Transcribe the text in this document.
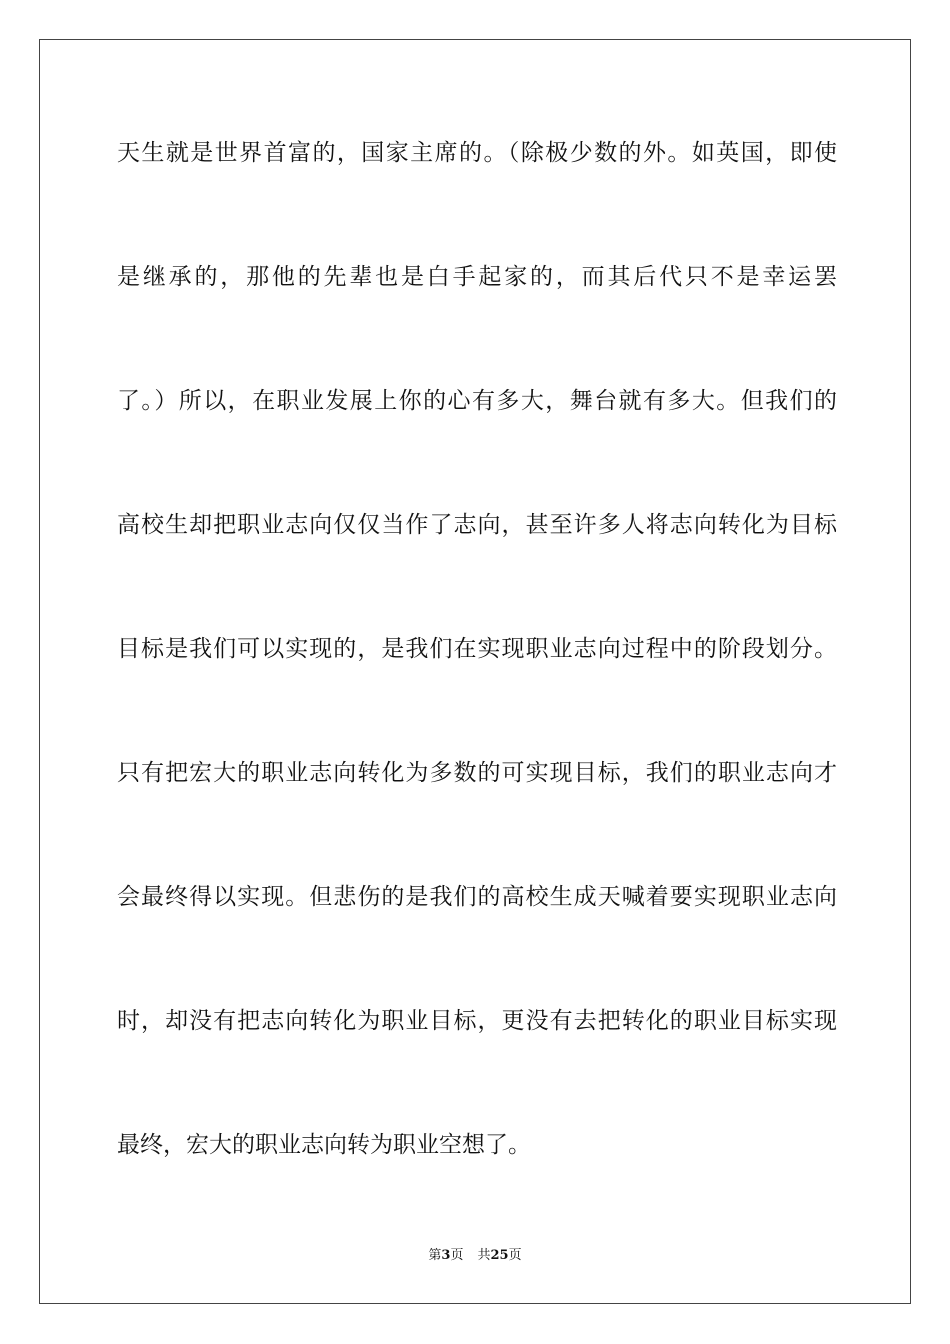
天生就是世界首富的，国家主席的。（除极少数的外。如英国，即使
是继承的，那他的先辈也是白手起家的，而其后代只不是幸运罢
了。）所以，在职业发展上你的心有多大，舞台就有多大。但我们的
高校生却把职业志向仅仅当作了志向，甚至许多人将志向转化为目标
目标是我们可以实现的，是我们在实现职业志向过程中的阶段划分。
只有把宏大的职业志向转化为多数的可实现目标，我们的职业志向才
会最终得以实现。但悲伤的是我们的高校生成天喊着要实现职业志向
时，却没有把志向转化为职业目标，更没有去把转化的职业目标实现
最终，宏大的职业志向转为职业空想了。
第3页 共25页
